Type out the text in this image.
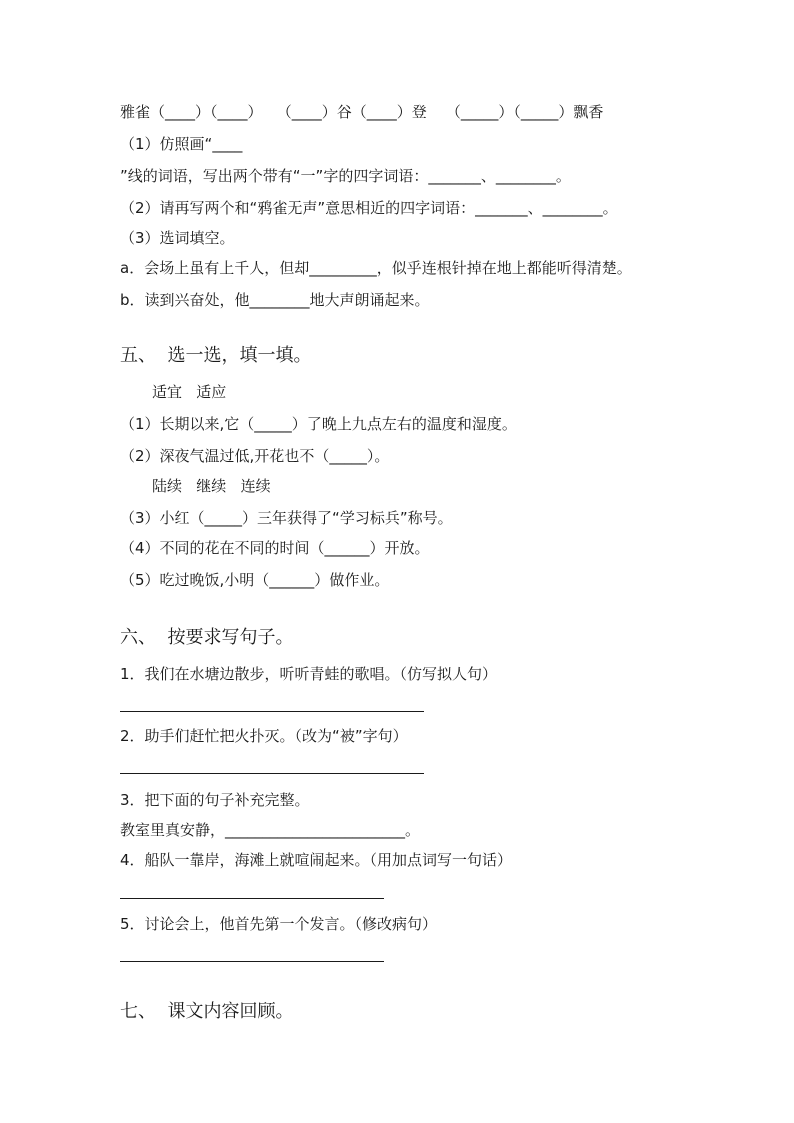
雅雀（____）（____）   （____）谷（____）登    （_____）（_____）飘香
（1）仿照画“____
”线的词语，写出两个带有“一”字的四字词语：_______、________。
（2）请再写两个和“鸦雀无声”意思相近的四字词语：_______、________。
（3）选词填空。
a．会场上虽有上千人，但却_________，似乎连根针掉在地上都能听得清楚。
b．读到兴奋处，他________地大声朗诵起来。
五、  选一选，填一填。
适宜   适应
（1）长期以来,它（_____）了晚上九点左右的温度和湿度。
（2）深夜气温过低,开花也不（_____）。
陆续   继续   连续
（3）小红（_____）三年获得了“学习标兵”称号。
（4）不同的花在不同的时间（______）开放。
（5）吃过晚饭,小明（______）做作业。
六、  按要求写句子。
1．我们在水塘边散步，听听青蛙的歌唱。（仿写拟人句）
2．助手们赶忙把火扑灭。（改为“被”字句）
3．把下面的句子补充完整。
教室里真安静，________________________。
4．船队一靠岸，海滩上就喧闹起来。（用加点词写一句话）
5．讨论会上，他首先第一个发言。（修改病句）
七、  课文内容回顾。
